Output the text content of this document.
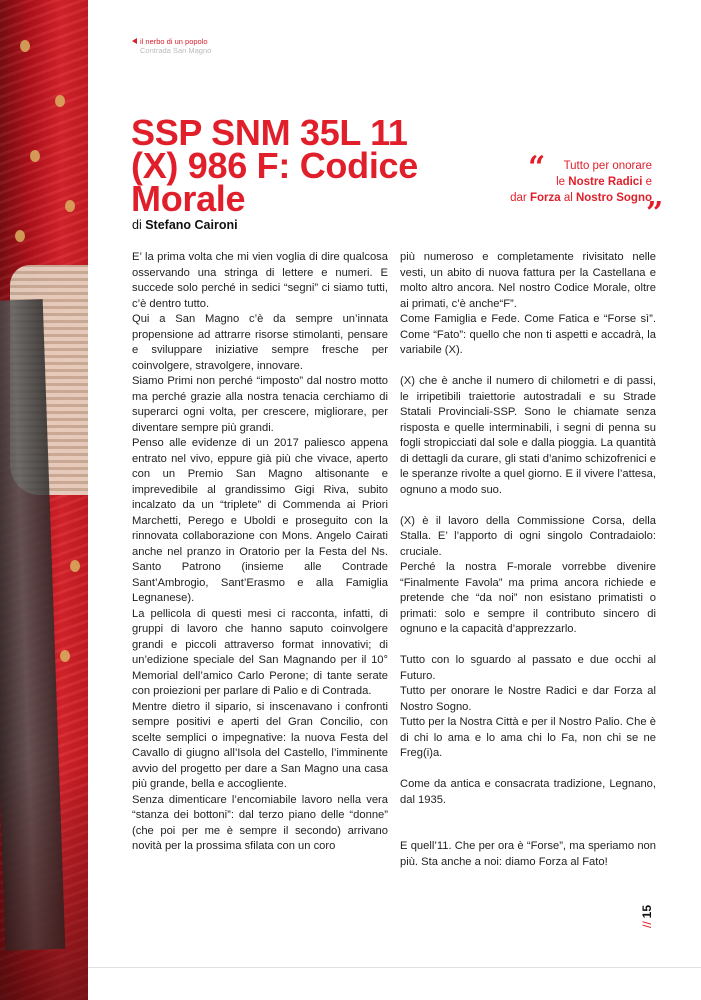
il nerbo di un popolo
Contrada San Magno
SSP SNM 35L 11 (X) 986 F: Codice Morale
di Stefano Caironi
“	Tutto per onorare
le Nostre Radici e
dar Forza al Nostro Sogno
”

E’ la prima volta che mi vien voglia di dire qualcosa osservando una stringa di lettere e numeri. E succede solo perché in sedici “segni” ci siamo tutti, c’è dentro tutto.

Qui a San Magno c’è da sempre un’innata propensione ad attrarre risorse stimolanti, pensare e sviluppare iniziative sempre fresche per coinvolgere, stravolgere, innovare.

Siamo Primi non perché “imposto” dal nostro motto ma perché grazie alla nostra tenacia cerchiamo di superarci ogni volta, per crescere, migliorare, per diventare sempre più grandi.

Penso alle evidenze di un 2017 paliesco appena entrato nel vivo, eppure già più che vivace, aperto con un Premio San Magno altisonante e imprevedibile al grandissimo Gigi Riva, subito incalzato da un “triplete” di Commenda ai Priori Marchetti, Perego e Uboldi e proseguito con la rinnovata collaborazione con Mons. Angelo Cairati anche nel pranzo in Oratorio per la Festa del Ns. Santo Patrono (insieme alle Contrade Sant’Ambrogio, Sant’Erasmo e alla Famiglia Legnanese).

La pellicola di questi mesi ci racconta, infatti, di gruppi di lavoro che hanno saputo coinvolgere grandi e piccoli attraverso format innovativi; di un’edizione speciale del San Magnando per il 10° Memorial dell’amico Carlo Perone; di tante serate con proiezioni per parlare di Palio e di Contrada.

Mentre dietro il sipario, si inscenavano i confronti sempre positivi e aperti del Gran Concilio, con scelte semplici o impegnative: la nuova Festa del Cavallo di giugno all’Isola del Castello, l’imminente avvio del progetto per dare a San Magno una casa più grande, bella e accogliente.

Senza dimenticare l’encomiabile lavoro nella vera “stanza dei bottoni”: dal terzo piano delle “donne” (che poi per me è sempre il secondo) arrivano novità per la prossima sfilata con un coro

più numeroso e completamente rivisitato nelle vesti, un abito di nuova fattura per la Castellana e molto altro ancora. Nel nostro Codice Morale, oltre ai primati, c’è anche“F”.

Come Famiglia e Fede. Come Fatica e “Forse sì”. Come “Fato”: quello che non ti aspetti e accadrà, la variabile (X).

(X) che è anche il numero di chilometri e di passi, le irripetibili traiettorie autostradali e su Strade Statali Provinciali-SSP. Sono le chiamate senza risposta e quelle interminabili, i segni di penna su fogli stropicciati dal sole e dalla pioggia. La quantità di dettagli da curare, gli stati d’animo schizofrenici e le speranze rivolte a quel giorno. E il vivere l’attesa, ognuno a modo suo.

(X) è il lavoro della Commissione Corsa, della Stalla. E’ l’apporto di ogni singolo Contradaiolo: cruciale.

Perché la nostra F-morale vorrebbe divenire “Finalmente Favola” ma prima ancora richiede e pretende che “da noi” non esistano primatisti o primati: solo e sempre il contributo sincero di ognuno e la capacità d’apprezzarlo.

Tutto con lo sguardo al passato e due occhi al Futuro.

Tutto per onorare le Nostre Radici e dar Forza al Nostro Sogno.

Tutto per la Nostra Città e per il Nostro Palio. Che è di chi lo ama e lo ama chi lo Fa, non chi se ne Freg(i)a.

Come da antica e consacrata tradizione, Legnano, dal 1935.

E quell’11. Che per ora è “Forse”, ma speriamo non più. Sta anche a noi: diamo Forza al Fato!

//15
